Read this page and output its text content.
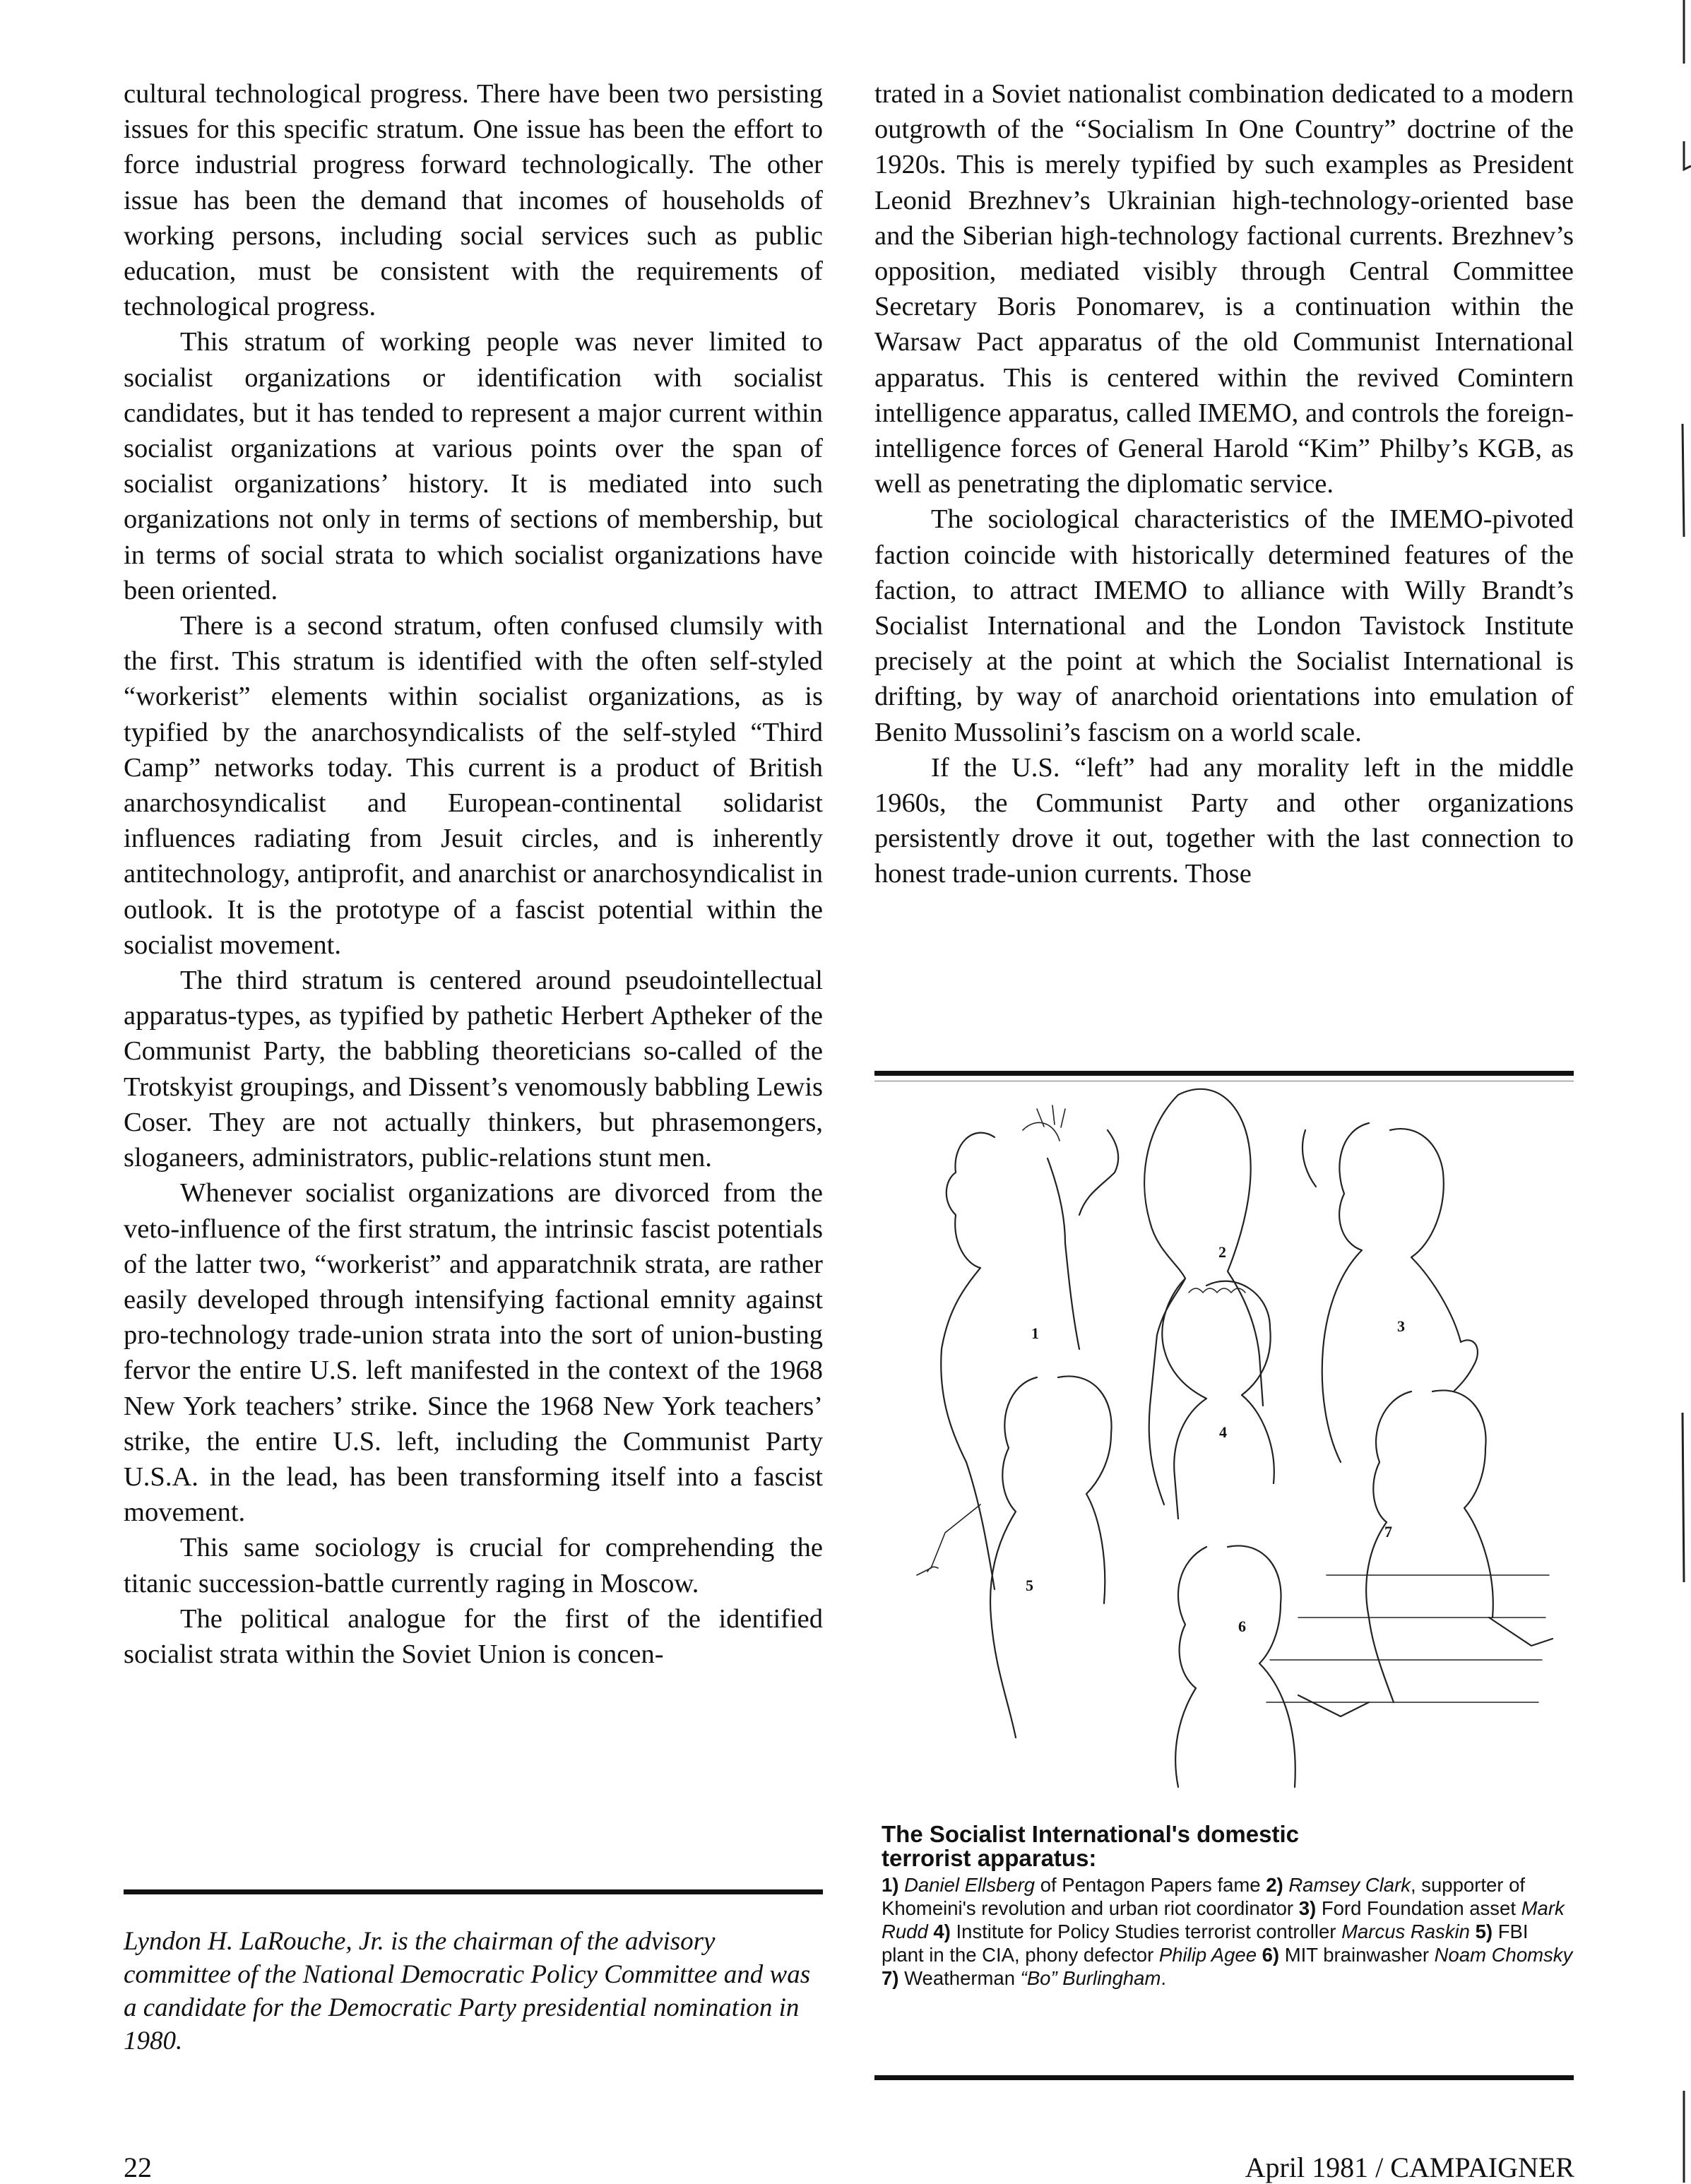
cultural technological progress. There have been two persisting issues for this specific stratum. One issue has been the effort to force industrial progress forward technologically. The other issue has been the demand that incomes of households of working persons, including social services such as public education, must be consistent with the requirements of technological progress.

This stratum of working people was never limited to socialist organizations or identification with socialist candidates, but it has tended to represent a major current within socialist organizations at various points over the span of socialist organizations’ history. It is mediated into such organizations not only in terms of sections of membership, but in terms of social strata to which socialist organizations have been oriented.

There is a second stratum, often confused clumsily with the first. This stratum is identified with the often self-styled “workerist” elements within socialist organizations, as is typified by the anarchosyndicalists of the self-styled “Third Camp” networks today. This current is a product of British anarchosyndicalist and European-continental solidarist influences radiating from Jesuit circles, and is inherently antitechnology, antiprofit, and anarchist or anarchosyndicalist in outlook. It is the prototype of a fascist potential within the socialist movement.

The third stratum is centered around pseudointellectual apparatus-types, as typified by pathetic Herbert Aptheker of the Communist Party, the babbling theoreticians so-called of the Trotskyist groupings, and Dissent’s venomously babbling Lewis Coser. They are not actually thinkers, but phrasemongers, sloganeers, administrators, public-relations stunt men.

Whenever socialist organizations are divorced from the veto-influence of the first stratum, the intrinsic fascist potentials of the latter two, “workerist” and apparatchnik strata, are rather easily developed through intensifying factional emnity against pro-technology trade-union strata into the sort of union-busting fervor the entire U.S. left manifested in the context of the 1968 New York teachers’ strike. Since the 1968 New York teachers’ strike, the entire U.S. left, including the Communist Party U.S.A. in the lead, has been transforming itself into a fascist movement.

This same sociology is crucial for comprehending the titanic succession-battle currently raging in Moscow.

The political analogue for the first of the identified socialist strata within the Soviet Union is concen-

Lyndon H. LaRouche, Jr. is the chairman of the advisory committee of the National Democratic Policy Committee and was a candidate for the Democratic Party presidential nomination in 1980.

trated in a Soviet nationalist combination dedicated to a modern outgrowth of the “Socialism In One Country” doctrine of the 1920s. This is merely typified by such examples as President Leonid Brezhnev’s Ukrainian high-technology-oriented base and the Siberian high-technology factional currents. Brezhnev’s opposition, mediated visibly through Central Committee Secretary Boris Ponomarev, is a continuation within the Warsaw Pact apparatus of the old Communist International apparatus. This is centered within the revived Comintern intelligence apparatus, called IMEMO, and controls the foreign-intelligence forces of General Harold “Kim” Philby’s KGB, as well as penetrating the diplomatic service.

The sociological characteristics of the IMEMO-pivoted faction coincide with historically determined features of the faction, to attract IMEMO to alliance with Willy Brandt’s Socialist International and the London Tavistock Institute precisely at the point at which the Socialist International is drifting, by way of anarchoid orientations into emulation of Benito Mussolini’s fascism on a world scale.

If the U.S. “left” had any morality left in the middle 1960s, the Communist Party and other organizations persistently drove it out, together with the last connection to honest trade-union currents. Those

1
2
3
4
5
6
7
The Socialist International's domestic
terrorist apparatus:
1) Daniel Ellsberg of Pentagon Papers fame 2) Ramsey Clark, supporter of Khomeini's revolution and urban riot coordinator 3) Ford Foundation asset Mark Rudd 4) Institute for Policy Studies terrorist controller Marcus Raskin 5) FBI plant in the CIA, phony defector Philip Agee 6) MIT brainwasher Noam Chomsky 7) Weatherman “Bo” Burlingham.
22	April 1981 / CAMPAIGNER
